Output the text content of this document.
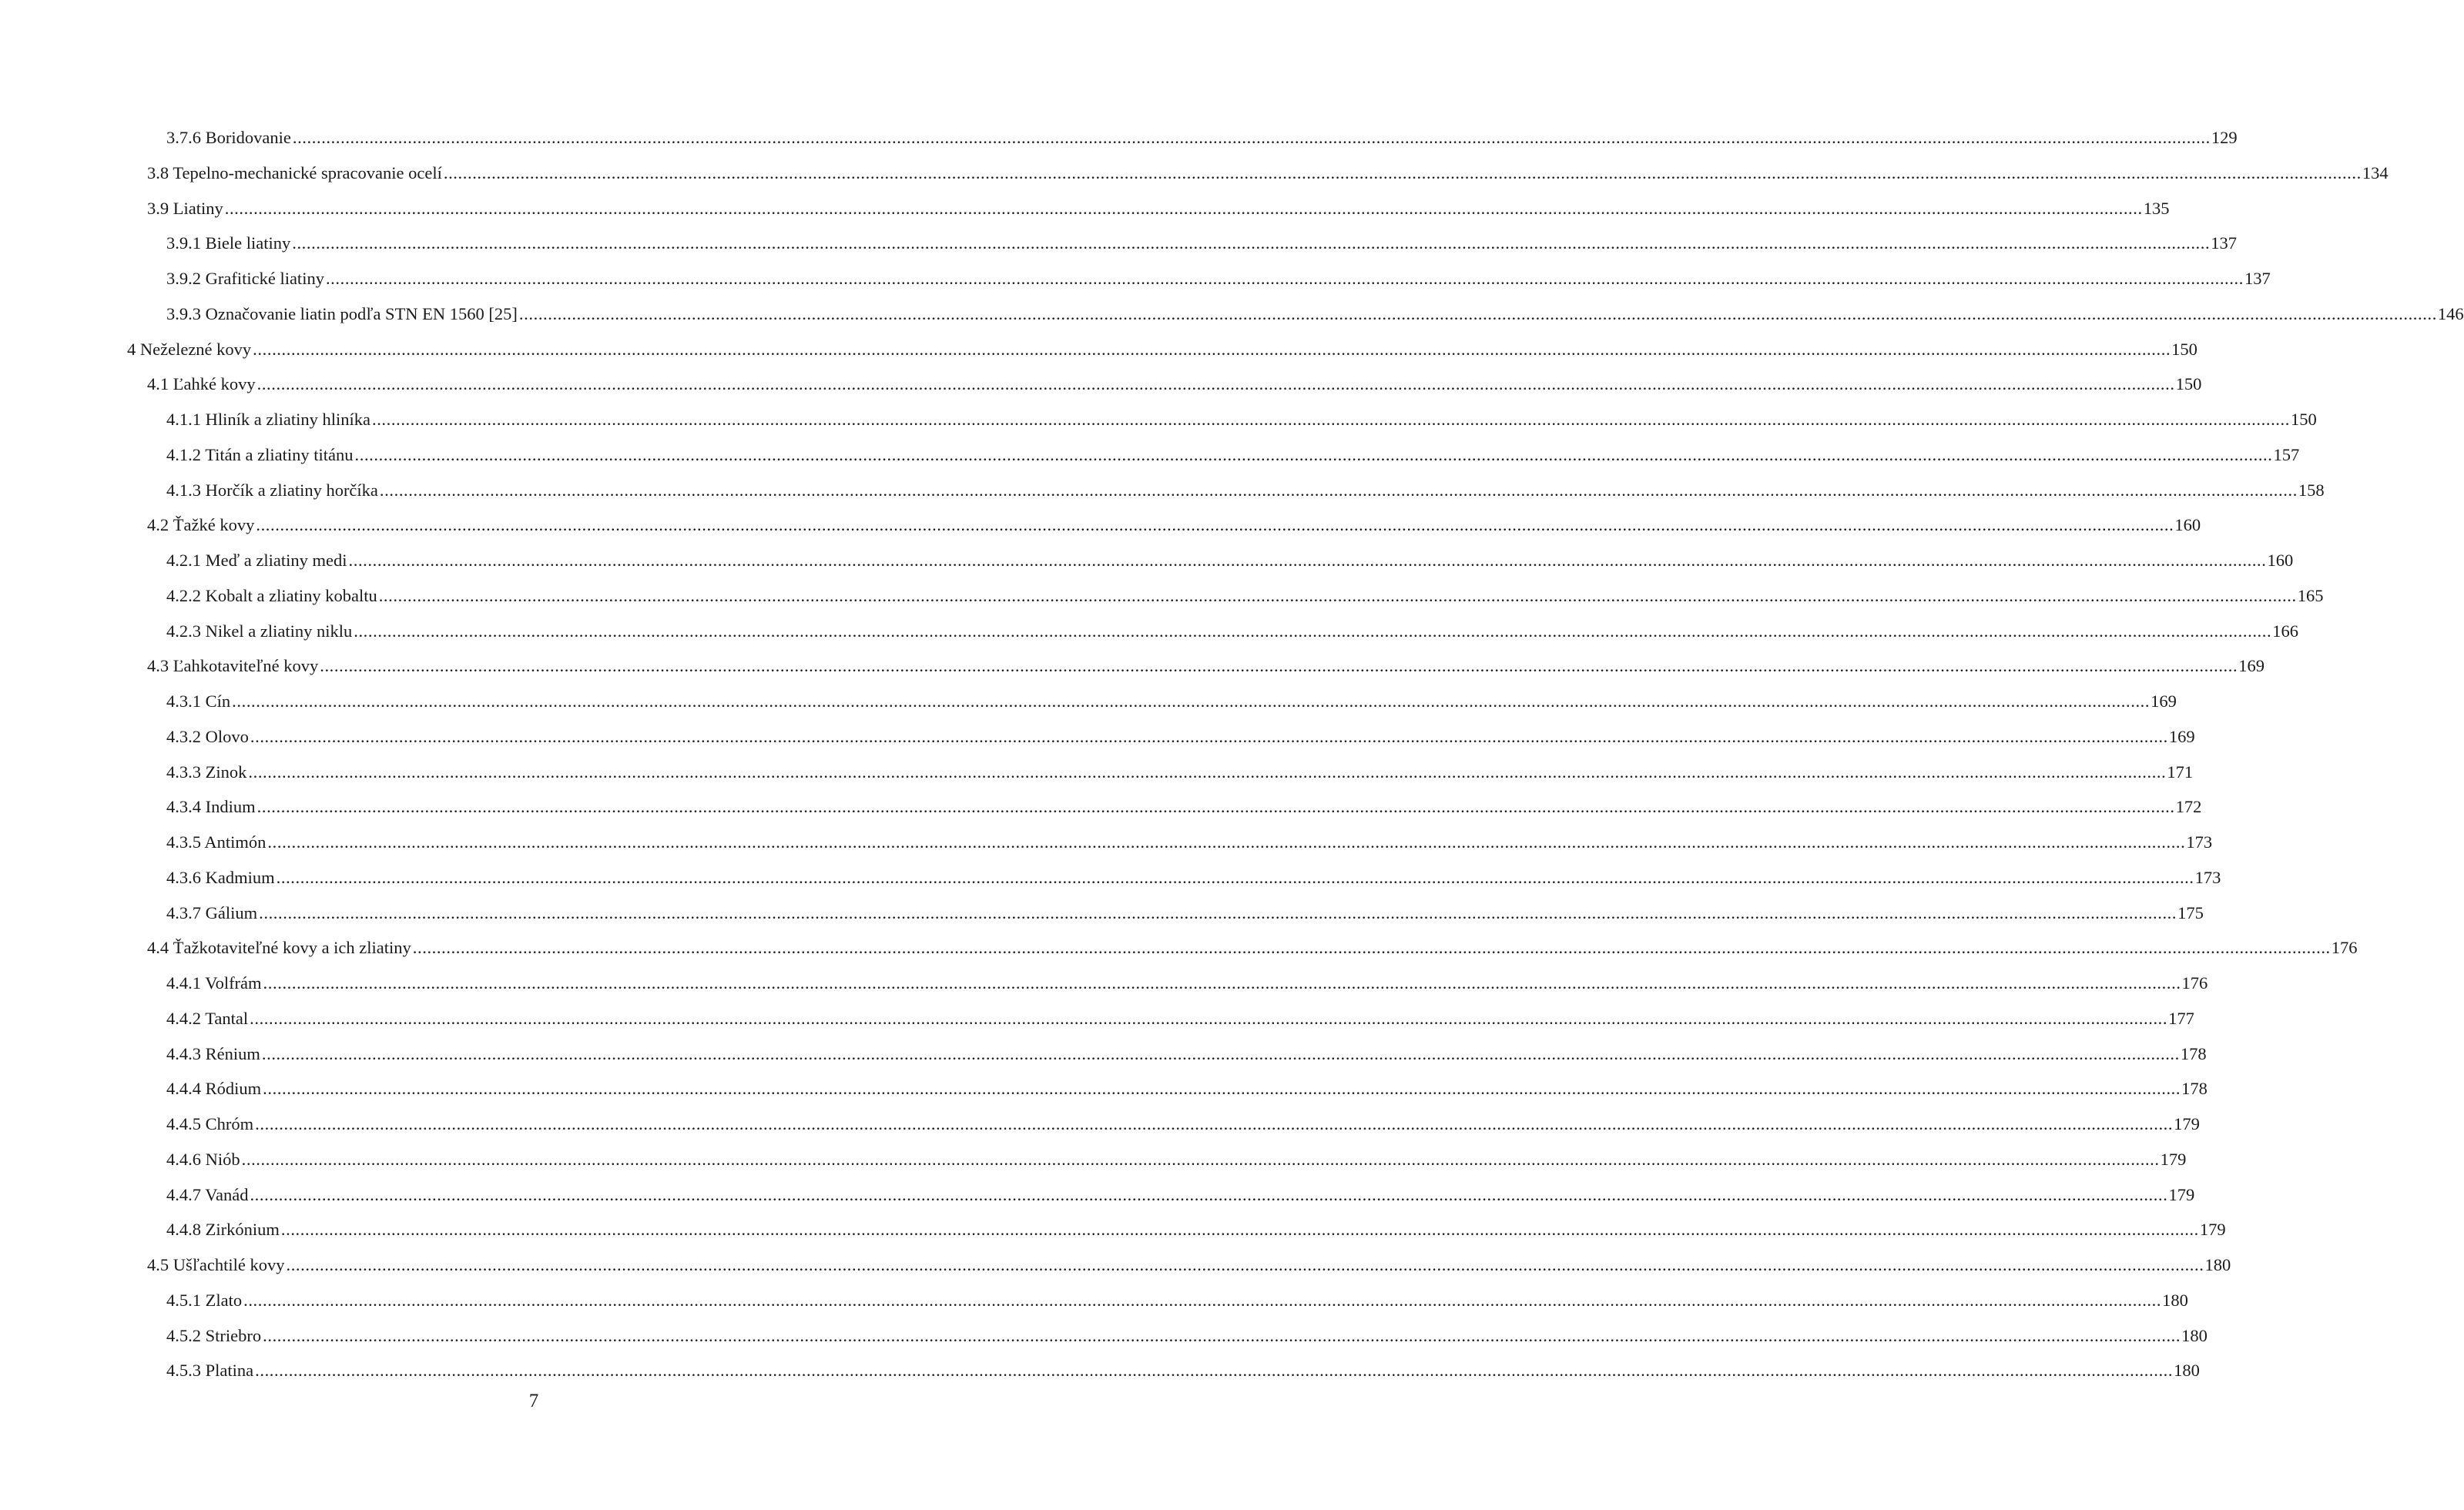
3.7.6 Boridovanie ................................................................................................................................................................................................................................................................................................................................................................................................................ 129
3.8 Tepelno-mechanické spracovanie ocelí ................................................................................................................................................................................................................................................................................................................................................................................................................ 134
3.9 Liatiny ................................................................................................................................................................................................................................................................................................................................................................................................................ 135
3.9.1 Biele liatiny ................................................................................................................................................................................................................................................................................................................................................................................................................ 137
3.9.2 Grafitické liatiny ................................................................................................................................................................................................................................................................................................................................................................................................................ 137
3.9.3 Označovanie liatin podľa STN EN 1560 [25] ................................................................................................................................................................................................................................................................................................................................................................................................................ 146
4 Neželezné kovy ................................................................................................................................................................................................................................................................................................................................................................................................................ 150
4.1 Ľahké kovy ................................................................................................................................................................................................................................................................................................................................................................................................................ 150
4.1.1 Hliník a zliatiny hliníka ................................................................................................................................................................................................................................................................................................................................................................................................................ 150
4.1.2 Titán a zliatiny titánu ................................................................................................................................................................................................................................................................................................................................................................................................................ 157
4.1.3 Horčík a zliatiny horčíka ................................................................................................................................................................................................................................................................................................................................................................................................................ 158
4.2 Ťažké kovy ................................................................................................................................................................................................................................................................................................................................................................................................................ 160
4.2.1 Meď a zliatiny medi ................................................................................................................................................................................................................................................................................................................................................................................................................ 160
4.2.2 Kobalt a zliatiny kobaltu ................................................................................................................................................................................................................................................................................................................................................................................................................ 165
4.2.3 Nikel a zliatiny niklu ................................................................................................................................................................................................................................................................................................................................................................................................................ 166
4.3 Ľahkotaviteľné kovy ................................................................................................................................................................................................................................................................................................................................................................................................................ 169
4.3.1 Cín ................................................................................................................................................................................................................................................................................................................................................................................................................ 169
4.3.2 Olovo ................................................................................................................................................................................................................................................................................................................................................................................................................ 169
4.3.3 Zinok ................................................................................................................................................................................................................................................................................................................................................................................................................ 171
4.3.4 Indium ................................................................................................................................................................................................................................................................................................................................................................................................................ 172
4.3.5 Antimón ................................................................................................................................................................................................................................................................................................................................................................................................................ 173
4.3.6 Kadmium ................................................................................................................................................................................................................................................................................................................................................................................................................ 173
4.3.7 Gálium ................................................................................................................................................................................................................................................................................................................................................................................................................ 175
4.4 Ťažkotaviteľné kovy a ich zliatiny ................................................................................................................................................................................................................................................................................................................................................................................................................ 176
4.4.1 Volfrám ................................................................................................................................................................................................................................................................................................................................................................................................................ 176
4.4.2 Tantal ................................................................................................................................................................................................................................................................................................................................................................................................................ 177
4.4.3 Rénium ................................................................................................................................................................................................................................................................................................................................................................................................................ 178
4.4.4 Ródium ................................................................................................................................................................................................................................................................................................................................................................................................................ 178
4.4.5 Chróm ................................................................................................................................................................................................................................................................................................................................................................................................................ 179
4.4.6 Niób ................................................................................................................................................................................................................................................................................................................................................................................................................ 179
4.4.7 Vanád ................................................................................................................................................................................................................................................................................................................................................................................................................ 179
4.4.8 Zirkónium ................................................................................................................................................................................................................................................................................................................................................................................................................ 179
4.5 Ušľachtilé kovy ................................................................................................................................................................................................................................................................................................................................................................................................................ 180
4.5.1 Zlato ................................................................................................................................................................................................................................................................................................................................................................................................................ 180
4.5.2 Striebro ................................................................................................................................................................................................................................................................................................................................................................................................................ 180
4.5.3 Platina ................................................................................................................................................................................................................................................................................................................................................................................................................ 180
7
